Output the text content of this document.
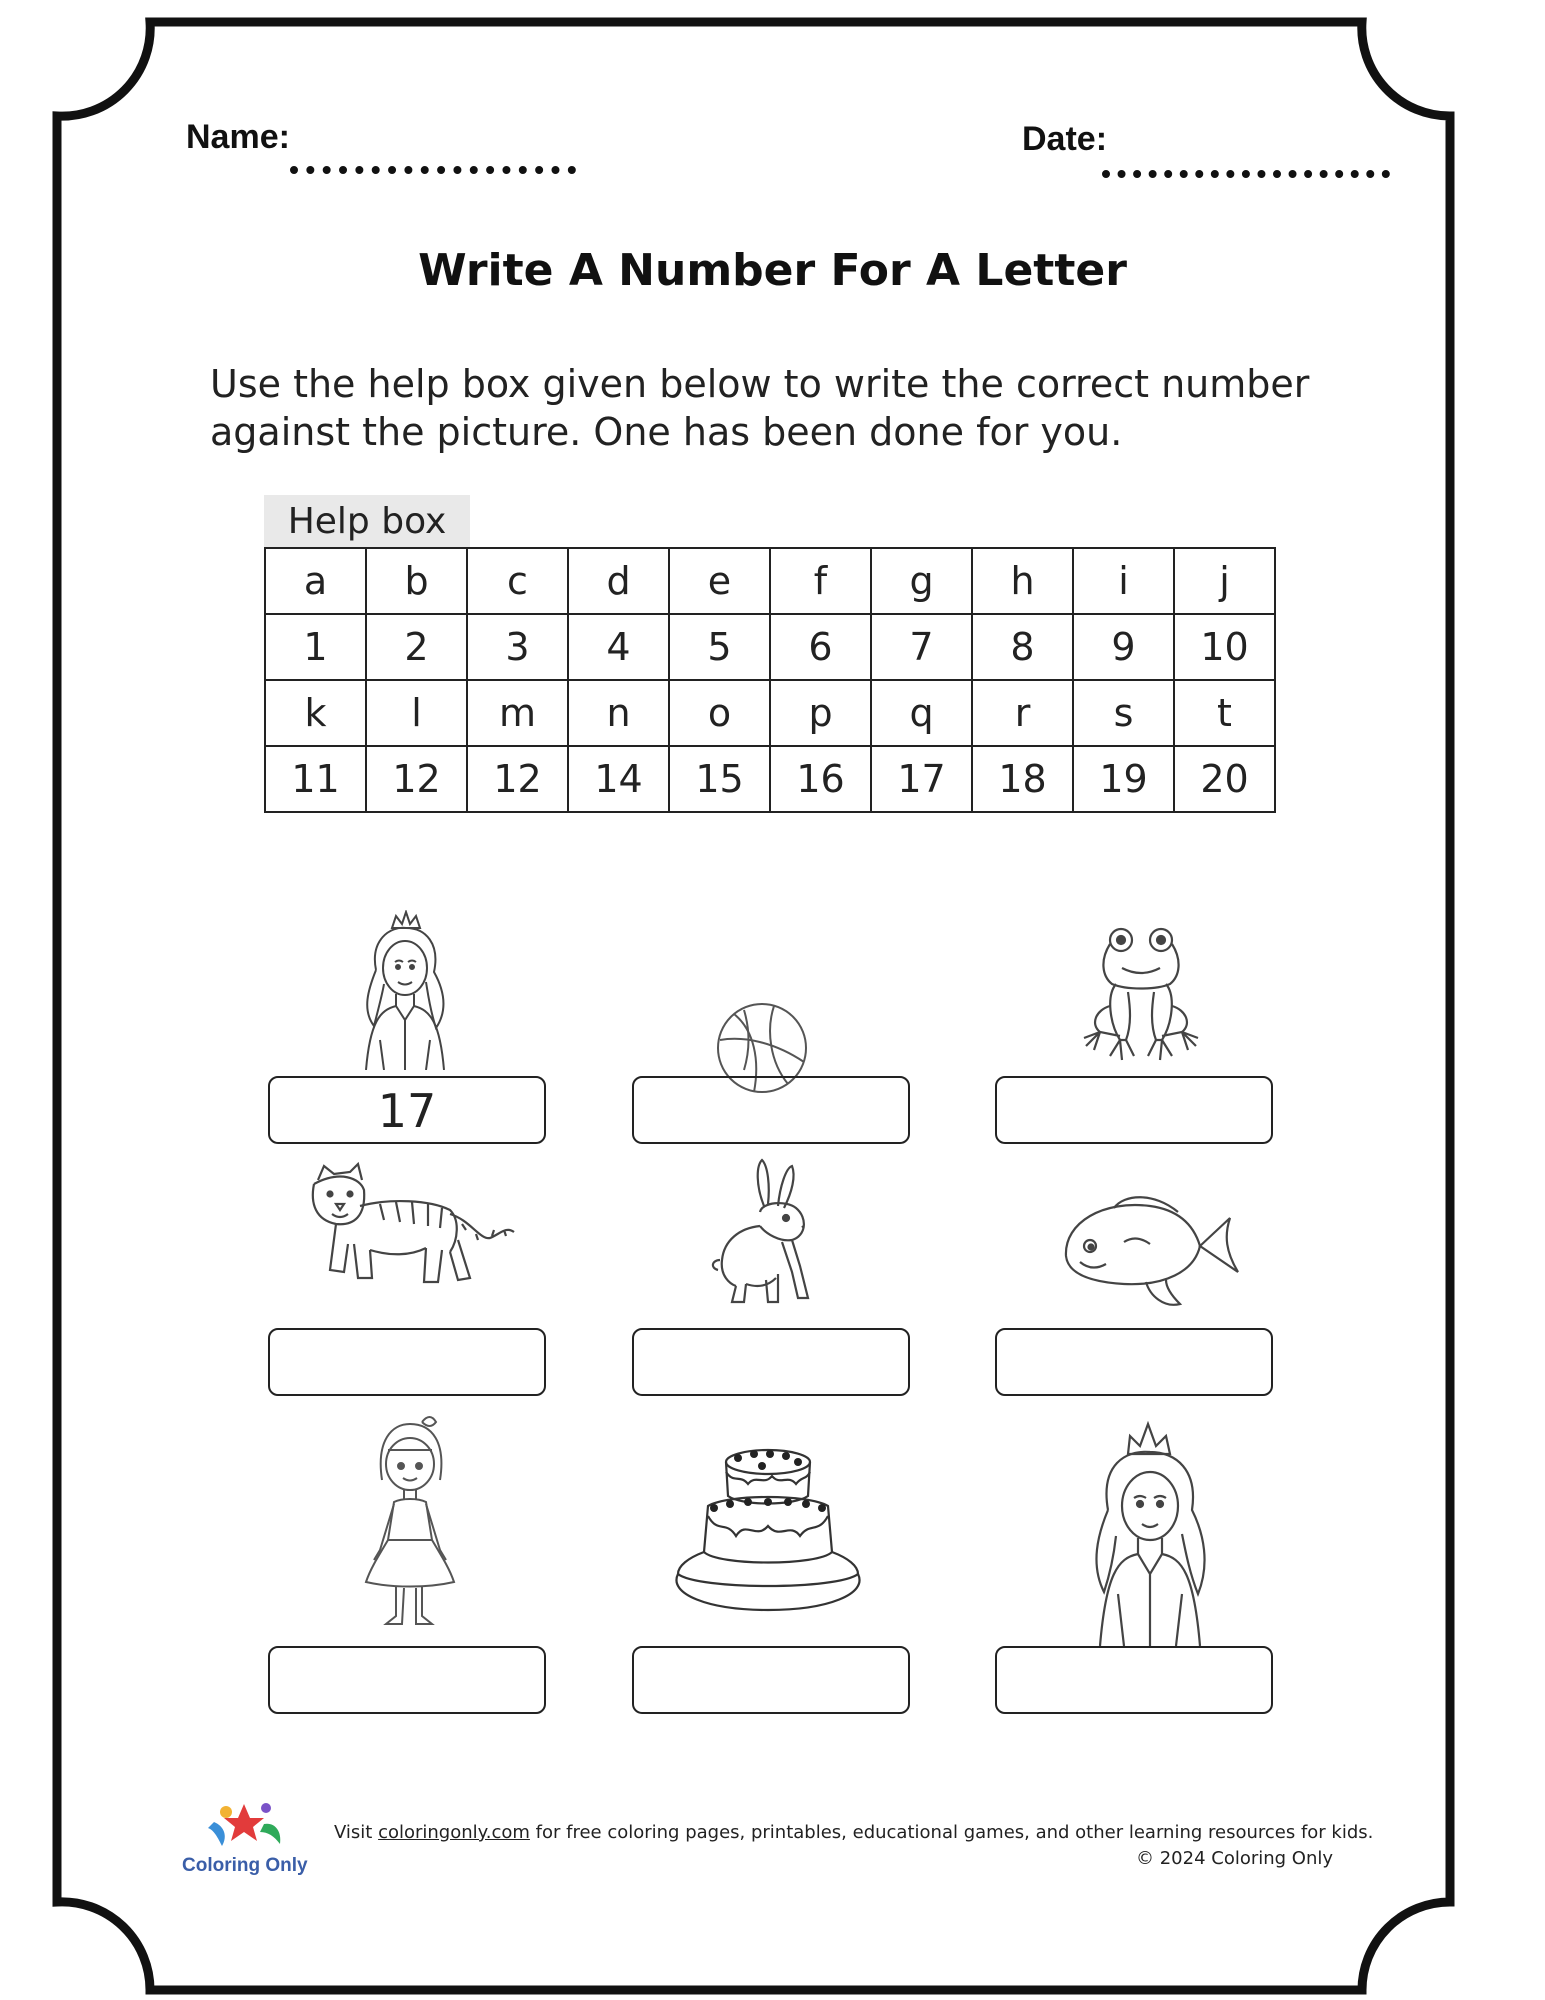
Name:	Date:
Write A Number For A Letter
Use the help box given below to write the correct number
against the picture. One has been done for you.
Help box
a	b	c	d	e	f	g	h	i	j
1	2	3	4	5	6	7	8	9	10
k	l	m	n	o	p	q	r	s	t
11	12	12	14	15	16	17	18	19	20
17
Coloring Only
Visit coloringonly.com for free coloring pages, printables, educational games, and other learning resources for kids.
© 2024 Coloring Only
